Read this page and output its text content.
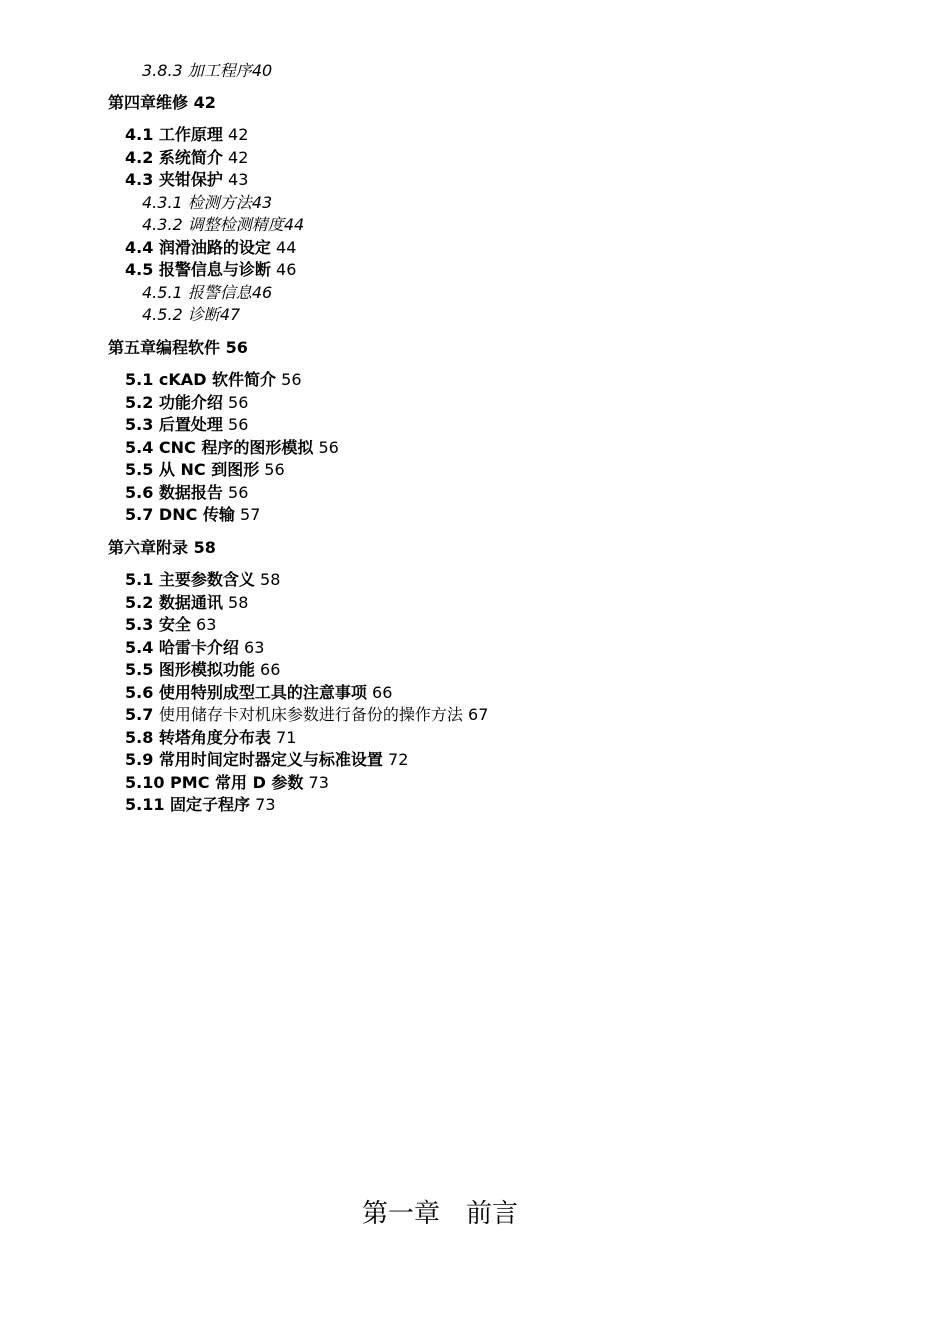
3.8.3 加工程序40
第四章维修 42
4.1 工作原理 42
4.2 系统简介 42
4.3 夹钳保护 43
4.3.1 检测方法43
4.3.2 调整检测精度44
4.4 润滑油路的设定 44
4.5 报警信息与诊断 46
4.5.1 报警信息46
4.5.2 诊断47
第五章编程软件 56
5.1 cKAD 软件简介 56
5.2 功能介绍 56
5.3 后置处理 56
5.4 CNC 程序的图形模拟 56
5.5 从 NC 到图形 56
5.6 数据报告 56
5.7 DNC 传输 57
第六章附录 58
5.1 主要参数含义 58
5.2 数据通讯 58
5.3 安全 63
5.4 哈雷卡介绍 63
5.5 图形模拟功能 66
5.6 使用特别成型工具的注意事项 66
5.7 使用储存卡对机床参数进行备份的操作方法 67
5.8 转塔角度分布表 71
5.9 常用时间定时器定义与标准设置 72
5.10 PMC 常用 D 参数 73
5.11 固定子程序 73
第一章　前言
